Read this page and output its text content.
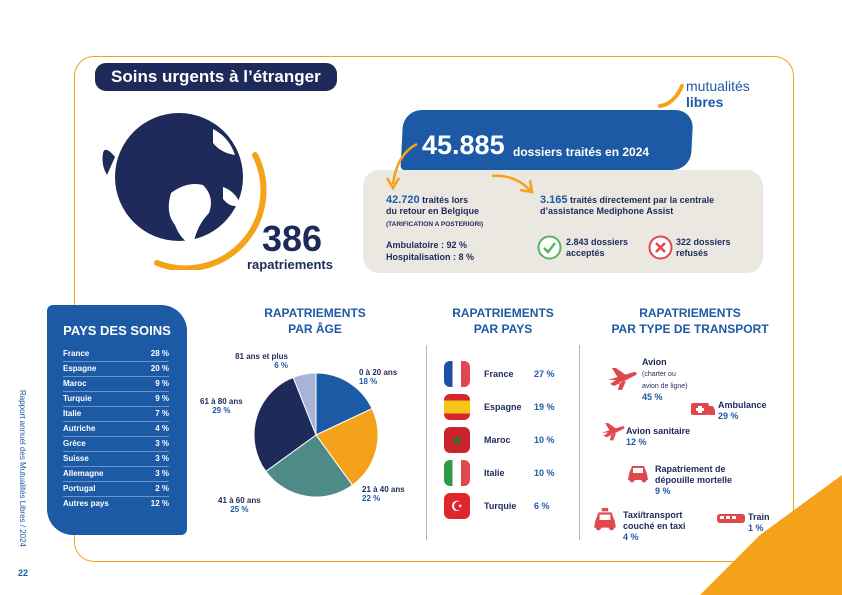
Rapport annuel des Mutualités Libres / 2024
22
Soins urgents à l’étranger	mutualités
libres
386
rapatriements
45.885 dossiers traités en 2024
42.720 traités lors
du retour en Belgique
(TARIFICATION A POSTERIORI)
Ambulatoire : 92 %
Hospitalisation : 8 %
3.165 traités directement par la centrale
d’assistance Mediphone Assist
2.843 dossiers
acceptés
322 dossiers
refusés
PAYS DES SOINS
France	28 %
Espagne	20 %
Maroc	9 %
Turquie	9 %
Italie	7 %
Autriche	4 %
Grèce	3 %
Suisse	3 %
Allemagne	3 %
Portugal	2 %
Autres pays	12 %
RAPATRIEMENTS
PAR ÂGE
0 à 20 ans
18 %
21 à 40 ans
22 %
41 à 60 ans
25 %
61 à 80 ans
29 %
81 ans et plus
6 %
RAPATRIEMENTS
PAR PAYS
France 27 %
Espagne 19 %
★	Maroc	10 %
Italie	10 %
☪	Turquie 6 %
RAPATRIEMENTS
PAR TYPE DE TRANSPORT
Avion
(charter ou
avion de ligne)
45 %
Ambulance
29 %
Avion sanitaire
12 %
Rapatriement de
dépouille mortelle
9 %
Taxi/transport
couché en taxi
4 %
Train
1 %
